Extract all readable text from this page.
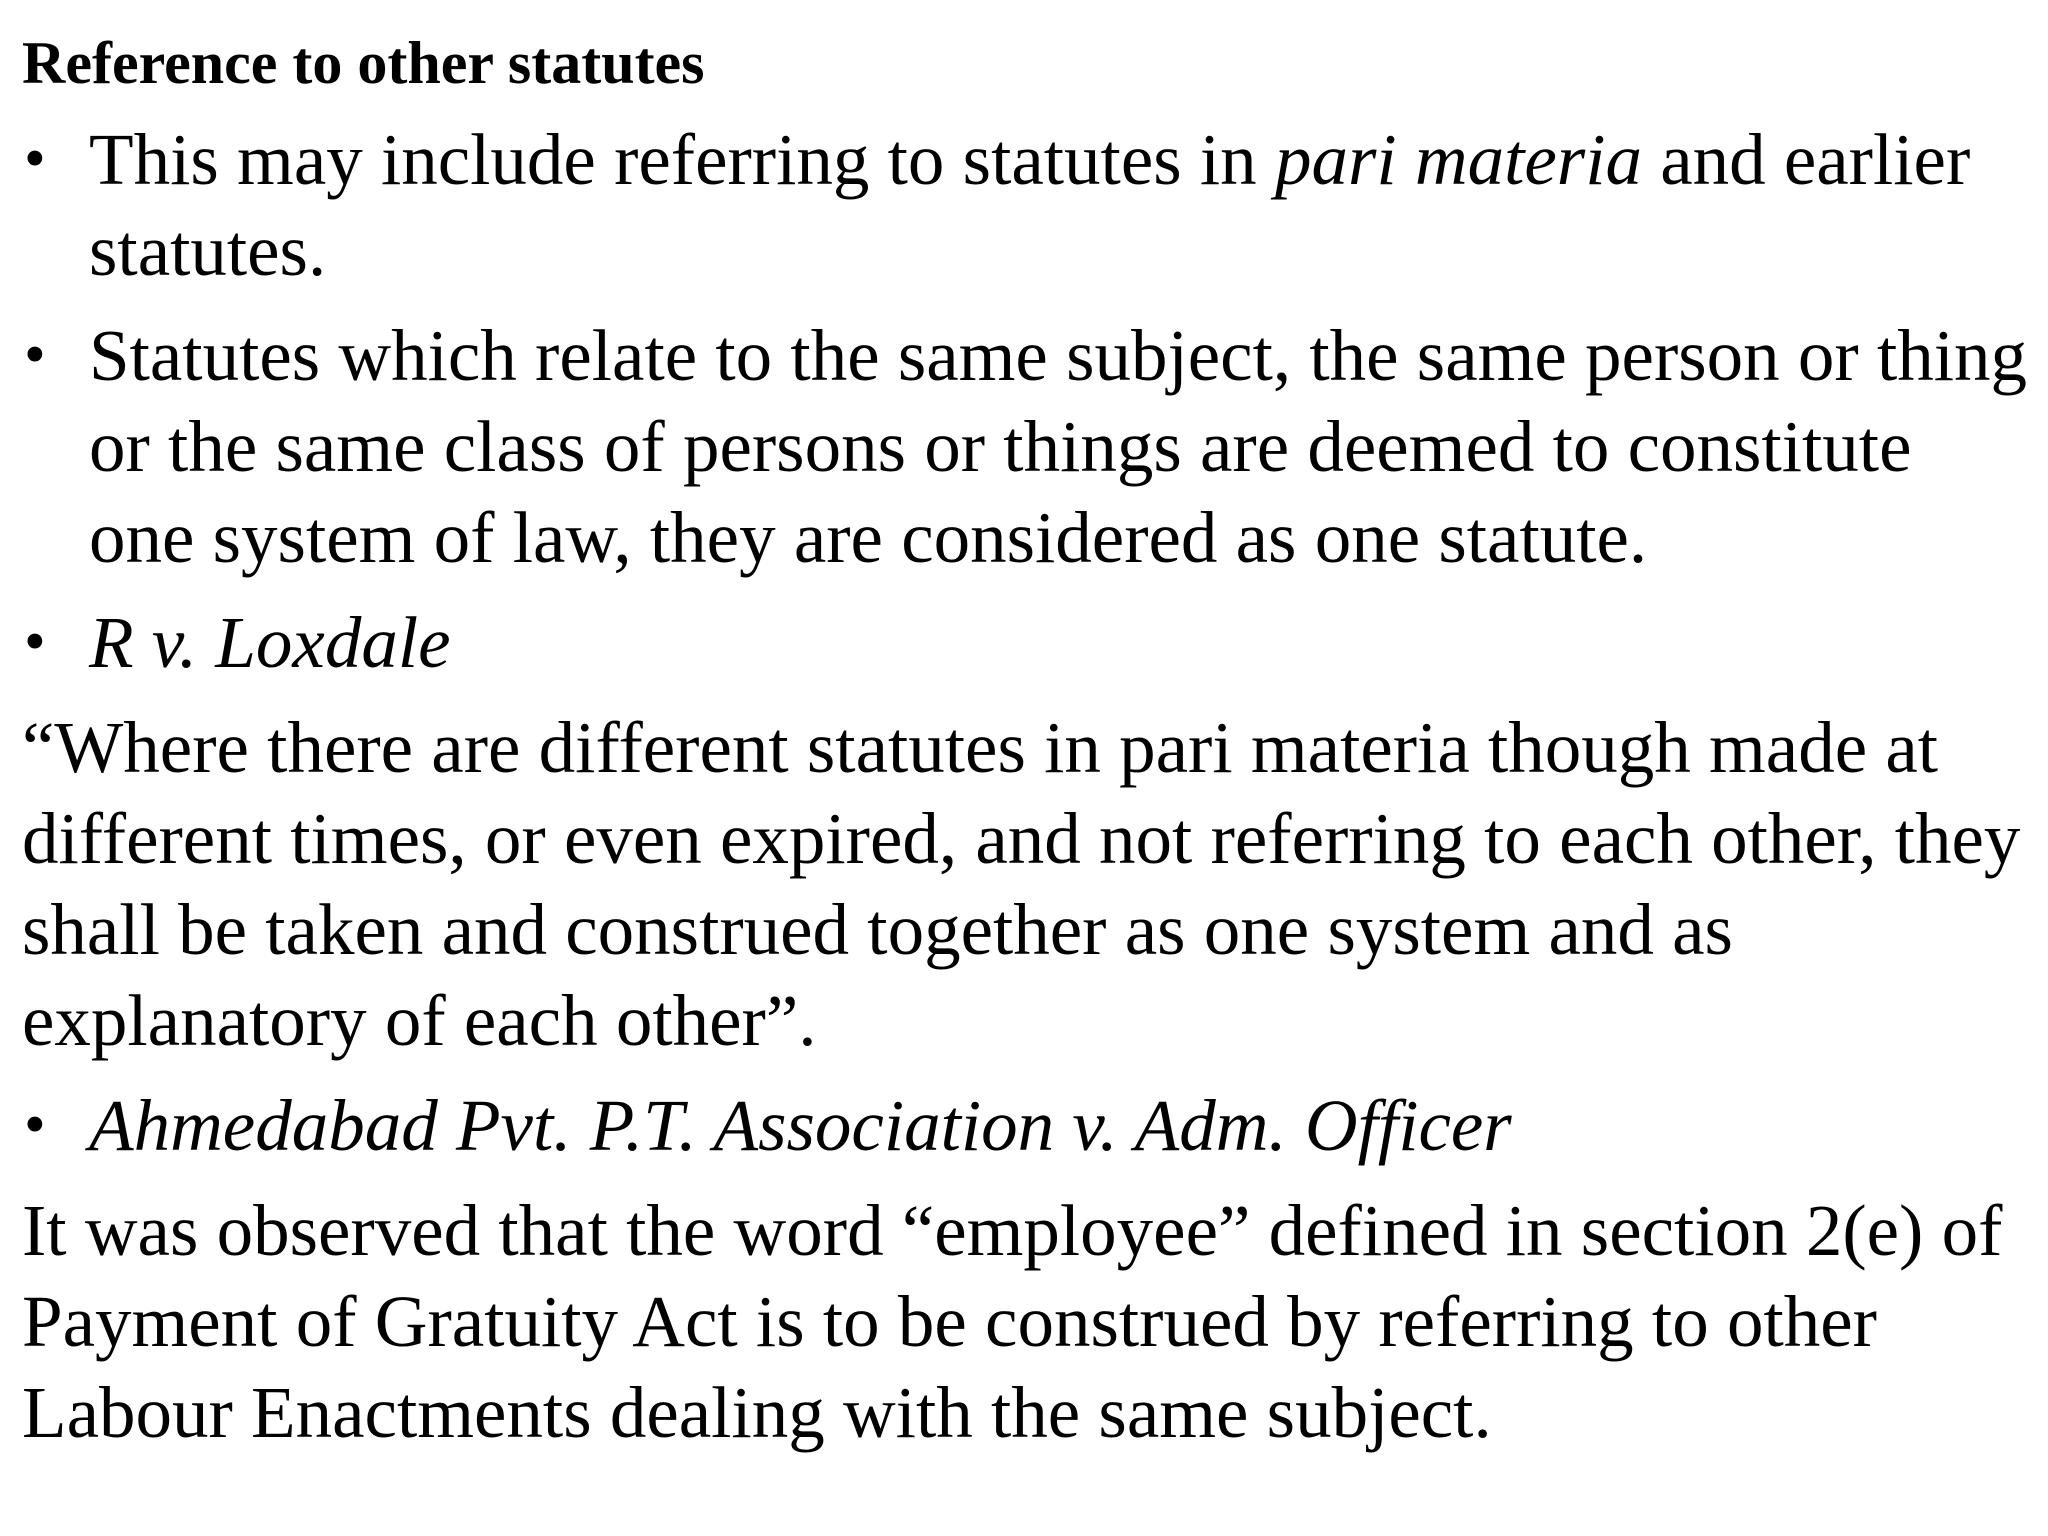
Reference to other statutes
• This may include referring to statutes in pari materia and earlier statutes.
• Statutes which relate to the same subject, the same person or thing or the same class of persons or things are deemed to constitute one system of law, they are considered as one statute.
• R v. Loxdale
“Where there are different statutes in pari materia though made at different times, or even expired, and not referring to each other, they shall be taken and construed together as one system and as explanatory of each other”.
• Ahmedabad Pvt. P.T. Association v. Adm. Officer
It was observed that the word “employee” defined in section 2(e) of Payment of Gratuity Act is to be construed by referring to other Labour Enactments dealing with the same subject.
